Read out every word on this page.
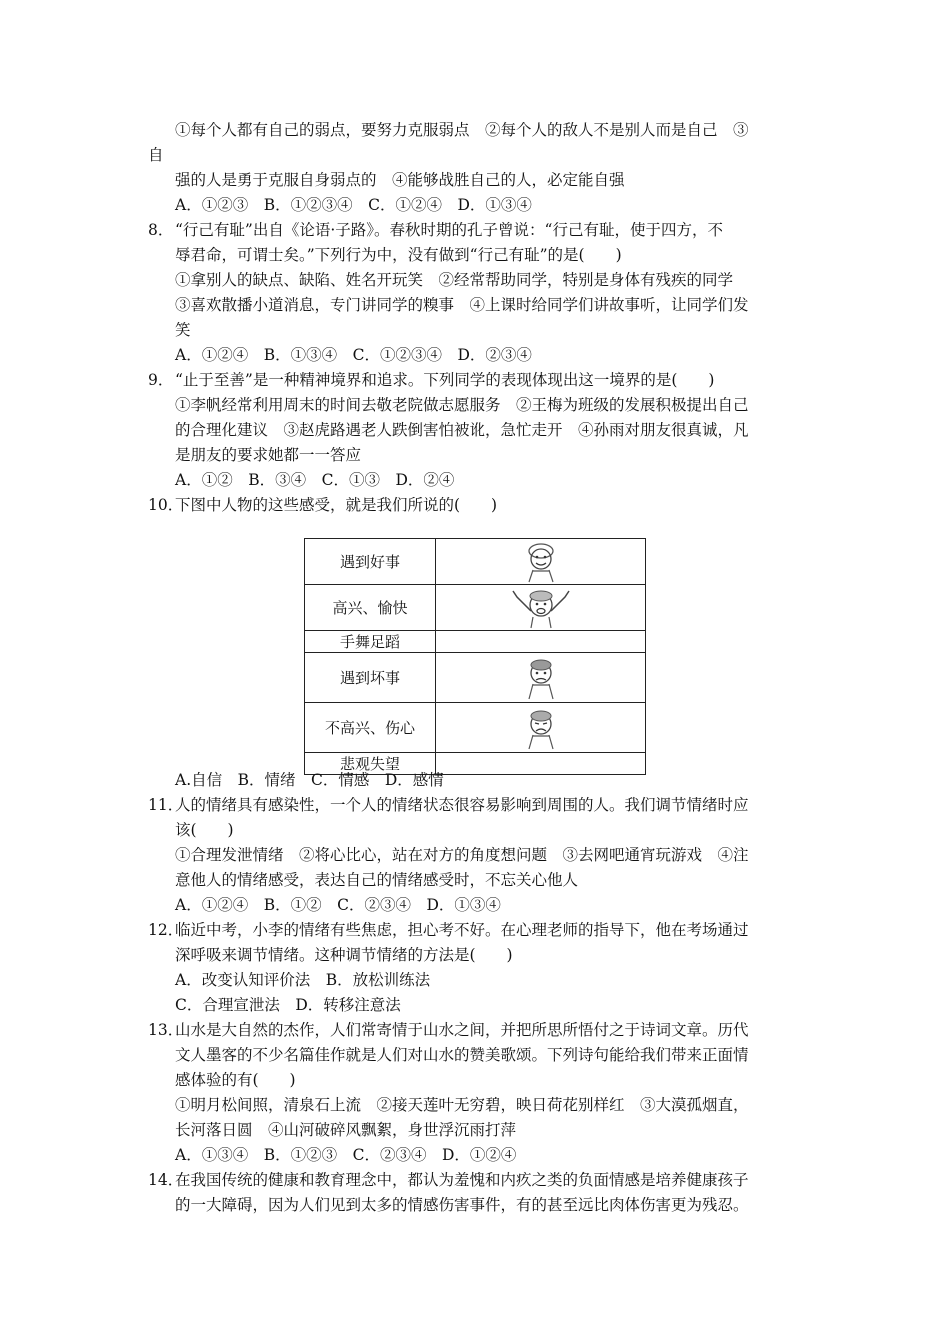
①每个人都有自己的弱点，要努力克服弱点　②每个人的敌人不是别人而是自己　③
自
强的人是勇于克服自身弱点的　④能够战胜自己的人，必定能自强
A．①②③　B．①②③④　C．①②④　D．①③④
8． “行己有耻”出自《论语·子路》。春秋时期的孔子曾说：“行己有耻，使于四方，不
辱君命，可谓士矣。”下列行为中，没有做到“行己有耻”的是(　　)
①拿别人的缺点、缺陷、姓名开玩笑　②经常帮助同学，特别是身体有残疾的同学
③喜欢散播小道消息，专门讲同学的糗事　④上课时给同学们讲故事听，让同学们发
笑
A．①②④　B．①③④　C．①②③④　D．②③④
9． “止于至善”是一种精神境界和追求。下列同学的表现体现出这一境界的是(　　)
①李帆经常利用周末的时间去敬老院做志愿服务　②王梅为班级的发展积极提出自己
的合理化建议　③赵虎路遇老人跌倒害怕被讹，急忙走开　④孙雨对朋友很真诚，凡
是朋友的要求她都一一答应
A．①②　B．③④　C．①③　D．②④
10．
下图中人物的这些感受，就是我们所说的(　　)
遇到好事	
高兴、愉快	
手舞足蹈	
遇到坏事	
不高兴、伤心	
悲观失望	
A.自信　B．情绪　C．情感　D．感情
11．
人的情绪具有感染性，一个人的情绪状态很容易影响到周围的人。我们调节情绪时应
该(　　)
①合理发泄情绪　②将心比心，站在对方的角度想问题　③去网吧通宵玩游戏　④注
意他人的情绪感受，表达自己的情绪感受时，不忘关心他人
A．①②④　B．①②　C．②③④　D．①③④
12．
临近中考，小李的情绪有些焦虑，担心考不好。在心理老师的指导下，他在考场通过
深呼吸来调节情绪。这种调节情绪的方法是(　　)
A．改变认知评价法　B．放松训练法
C．合理宣泄法　D．转移注意法
13．
山水是大自然的杰作，人们常寄情于山水之间，并把所思所悟付之于诗词文章。历代
文人墨客的不少名篇佳作就是人们对山水的赞美歌颂。下列诗句能给我们带来正面情
感体验的有(　　)
①明月松间照，清泉石上流　②接天莲叶无穷碧，映日荷花别样红　③大漠孤烟直，
长河落日圆　④山河破碎风飘絮，身世浮沉雨打萍
A．①③④　B．①②③　C．②③④　D．①②④
14．
在我国传统的健康和教育理念中，都认为羞愧和内疚之类的负面情感是培养健康孩子
的一大障碍，因为人们见到太多的情感伤害事件，有的甚至远比肉体伤害更为残忍。
